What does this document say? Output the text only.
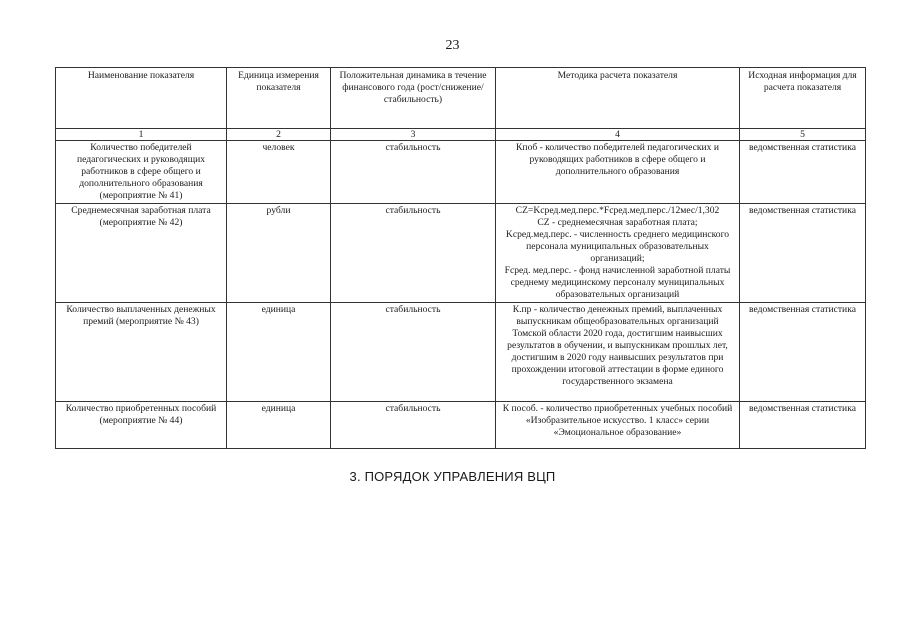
23
Наименование показателя	Единица измерения показателя	Положительная динамика в течение финансового года (рост/снижение/стабильность)	Методика расчета показателя	Исходная информация для расчета показателя
1	2	3	4	5
Количество победителей педагогических и руководящих работников в сфере общего и дополнительного образования (мероприятие № 41)	человек	стабильность	Кпоб - количество победителей педагогических и руководящих работников в сфере общего и дополнительного образования	ведомственная статистика
Среднемесячная заработная плата (мероприятие № 42)	рубли	стабильность	CZ=Kсред.мед.перс.*Fсред.мед.перс./12мес/1,302
CZ - среднемесячная заработная плата;
Kсред.мед.перс. - численность среднего медицинского персонала муниципальных образовательных организаций;
Fсред. мед.перс. - фонд начисленной заработной платы среднему медицинскому персоналу муниципальных образовательных организаций	ведомственная статистика
Количество выплаченных денежных премий (мероприятие № 43)	единица	стабильность	К.пр - количество денежных премий, выплаченных выпускникам общеобразовательных организаций Томской области 2020 года, достигшим наивысших результатов в обучении, и выпускникам прошлых лет, достигшим в 2020 году наивысших результатов при прохождении итоговой аттестации в форме единого государственного экзамена	ведомственная статистика
Количество приобретенных пособий (мероприятие № 44)	единица	стабильность	К пособ. - количество приобретенных учебных пособий «Изобразительное искусство. 1 класс» серии «Эмоциональное образование»	ведомственная статистика
3. ПОРЯДОК УПРАВЛЕНИЯ ВЦП
